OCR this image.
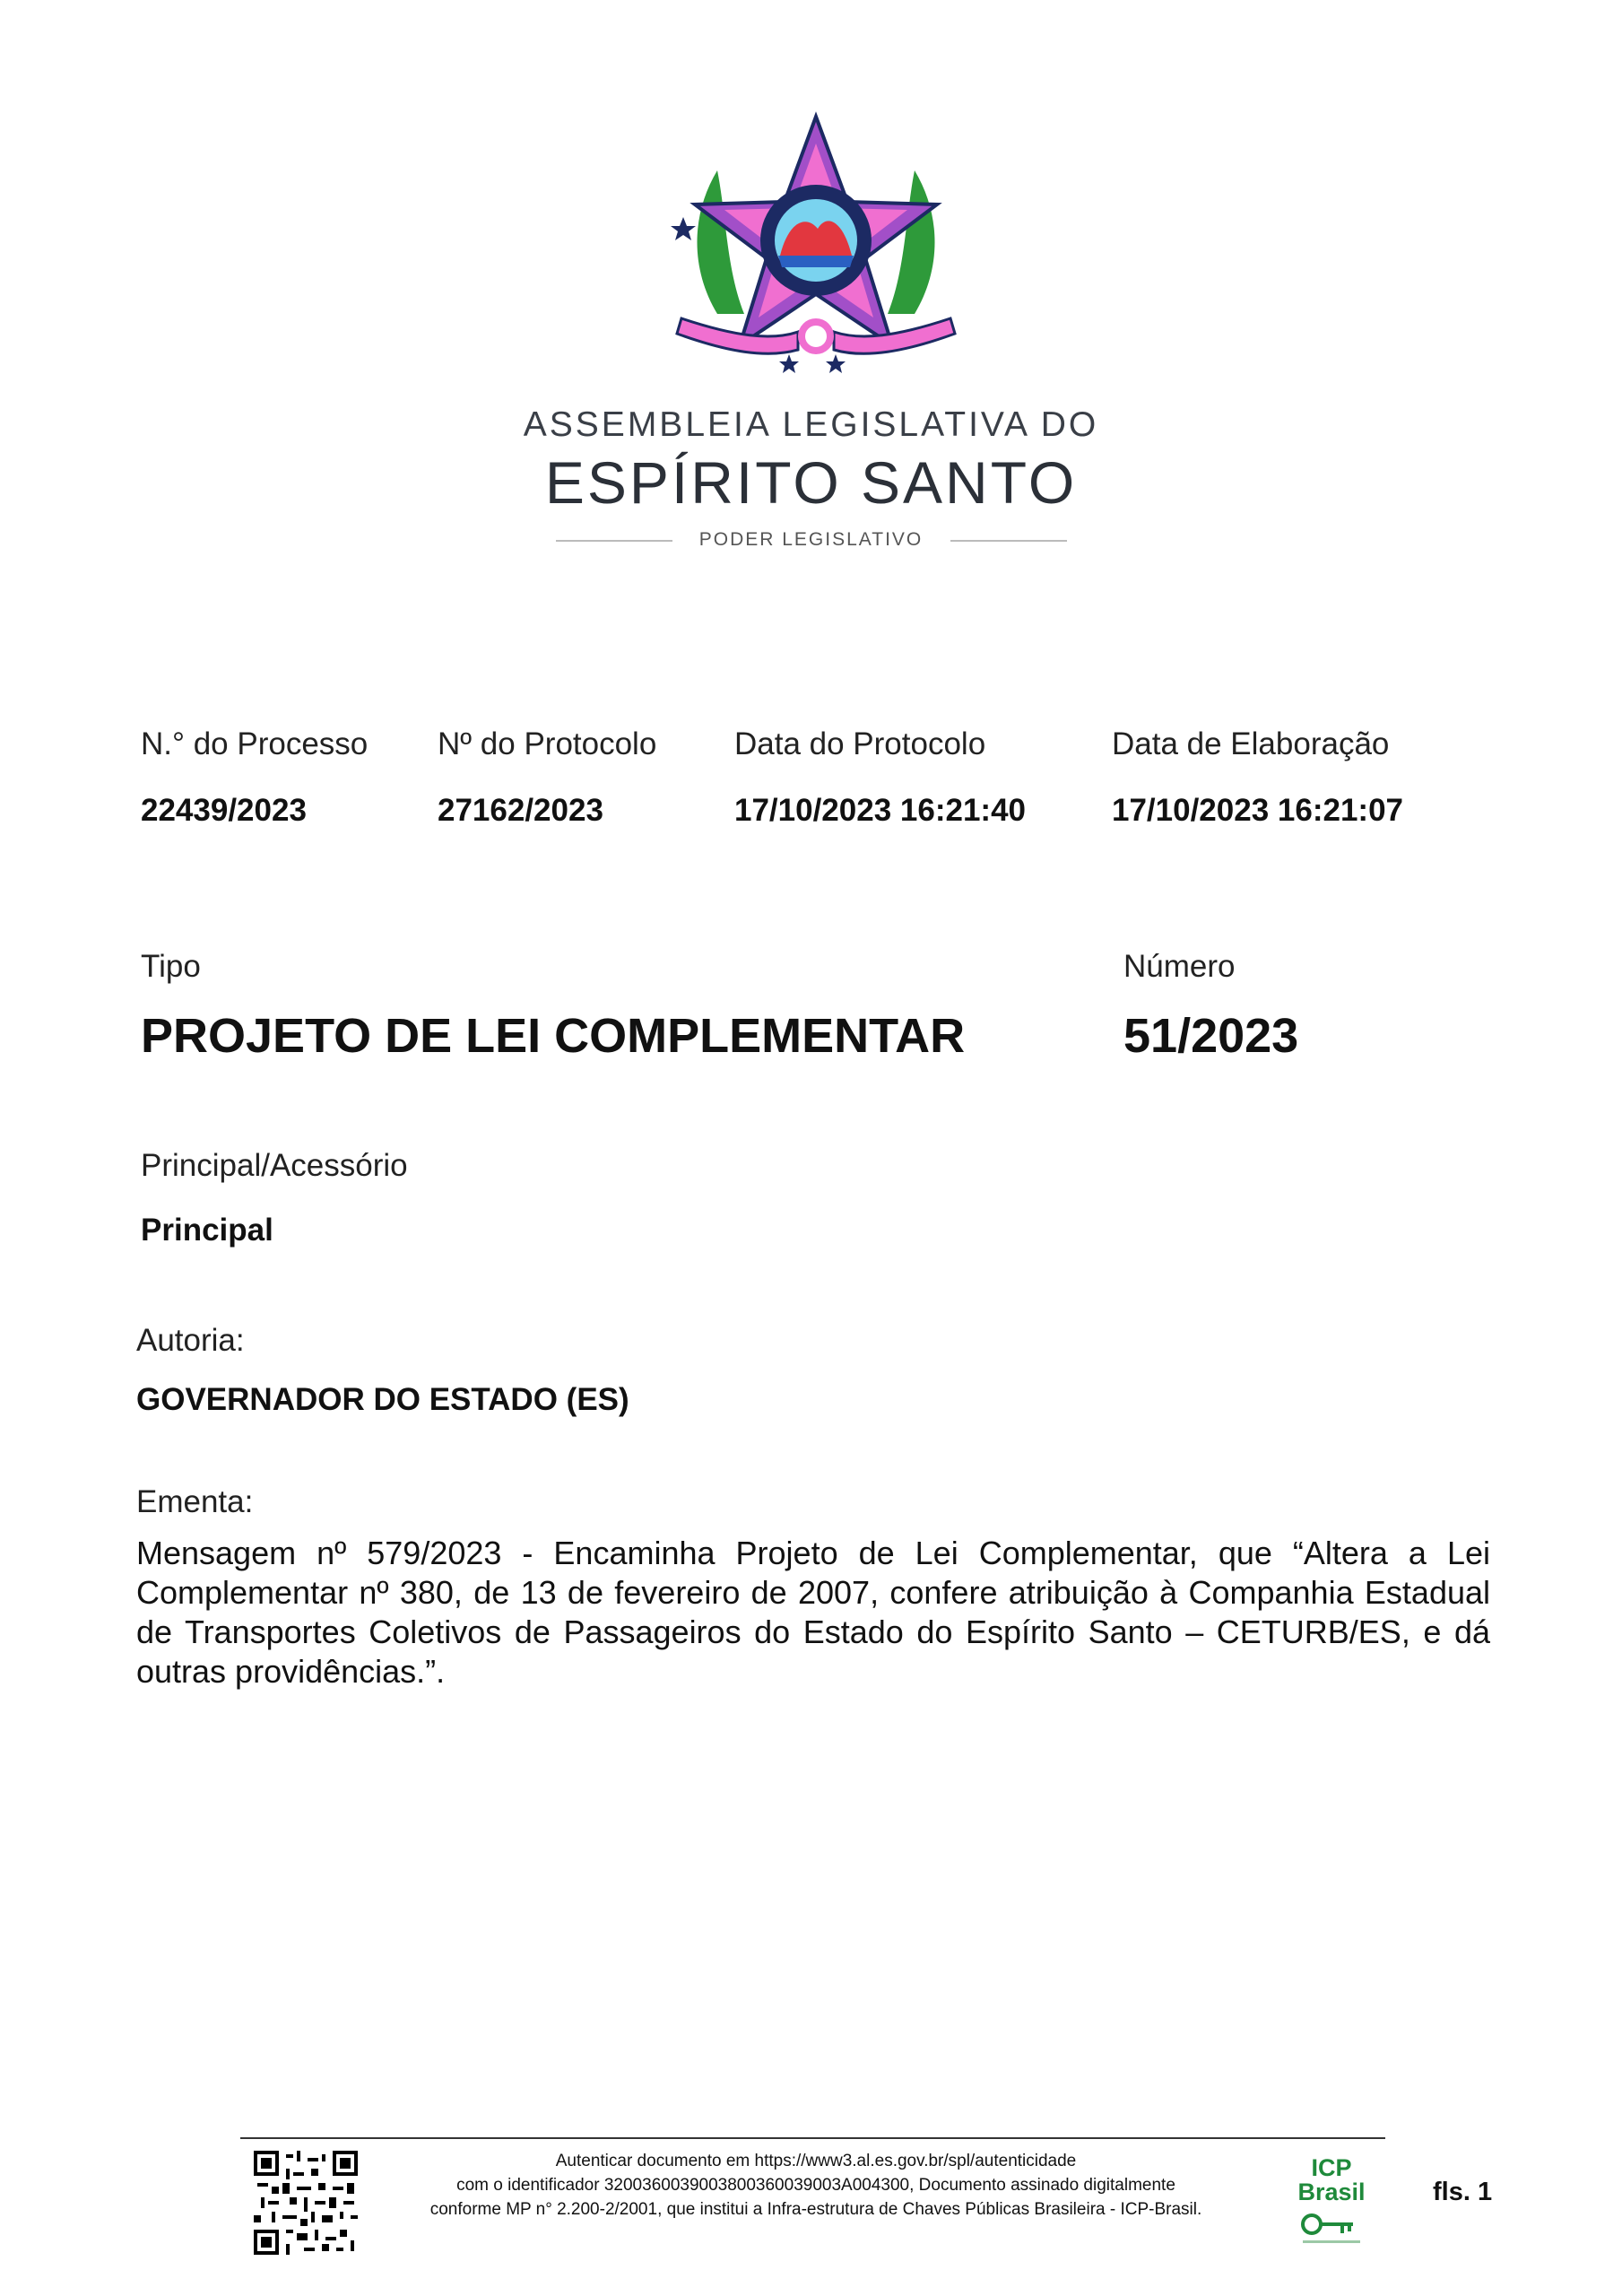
ASSEMBLEIA LEGISLATIVA DO
ESPÍRITO SANTO
PODER LEGISLATIVO
N.° do Processo
22439/2023
Nº do Protocolo
27162/2023
Data do Protocolo
17/10/2023 16:21:40
Data de Elaboração
17/10/2023 16:21:07
Tipo
PROJETO DE LEI COMPLEMENTAR
Número
51/2023
Principal/Acessório
Principal
Autoria:
GOVERNADOR DO ESTADO (ES)
Ementa:
Mensagem nº 579/2023 - Encaminha Projeto de Lei Complementar, que “Altera a Lei Complementar nº 380, de 13 de fevereiro de 2007, confere atribuição à Companhia Estadual de Transportes Coletivos de Passageiros do Estado do Espírito Santo – CETURB/ES, e dá outras providências.”.
Autenticar documento em https://www3.al.es.gov.br/spl/autenticidade
com o identificador 3200360039003800360039003A004300, Documento assinado digitalmente
conforme MP n° 2.200-2/2001, que institui a Infra-estrutura de Chaves Públicas Brasileira - ICP-Brasil.
ICP Brasil	fls. 1
